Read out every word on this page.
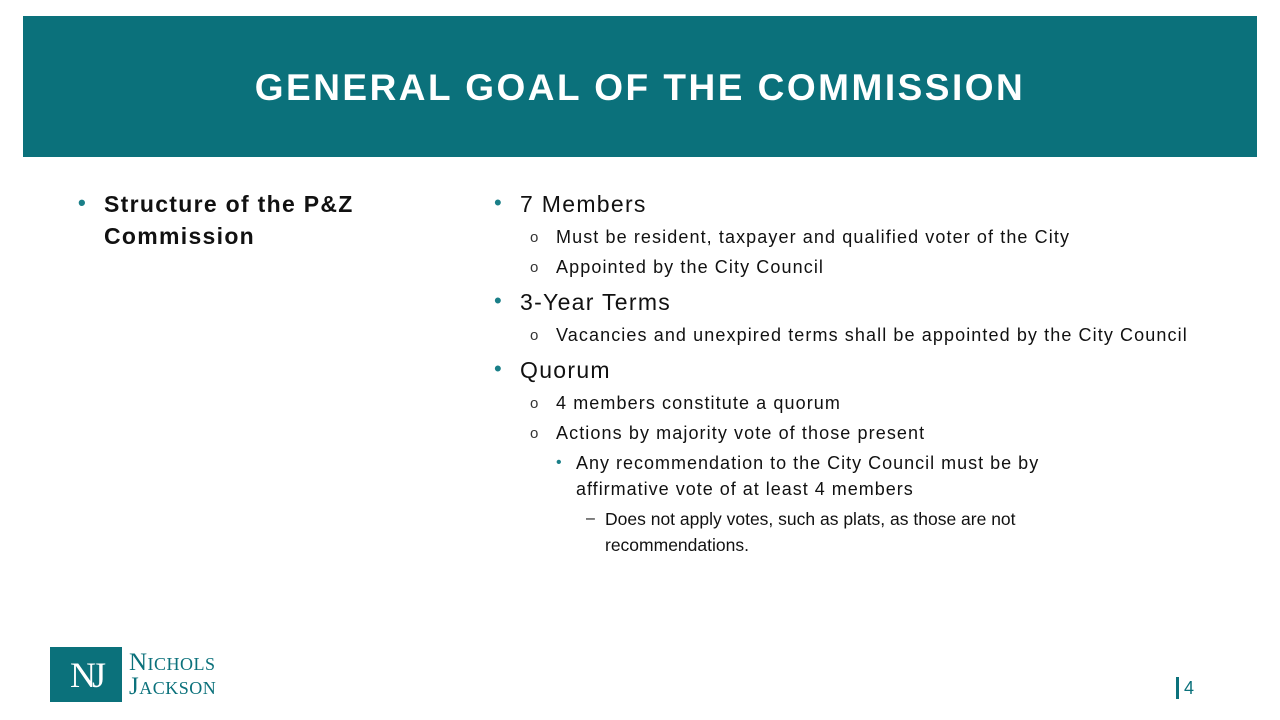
GENERAL GOAL OF THE COMMISSION
• Structure of the P&Z Commission
• 7 Members
o Must be resident, taxpayer and qualified voter of the City
o Appointed by the City Council
• 3-Year Terms
o Vacancies and unexpired terms shall be appointed by the City Council
• Quorum
o 4 members constitute a quorum
o Actions by majority vote of those present
• Any recommendation to the City Council must be by affirmative vote of at least 4 members
– Does not apply votes, such as plats, as those are not recommendations.
NJ	Nichols
Jackson	4
